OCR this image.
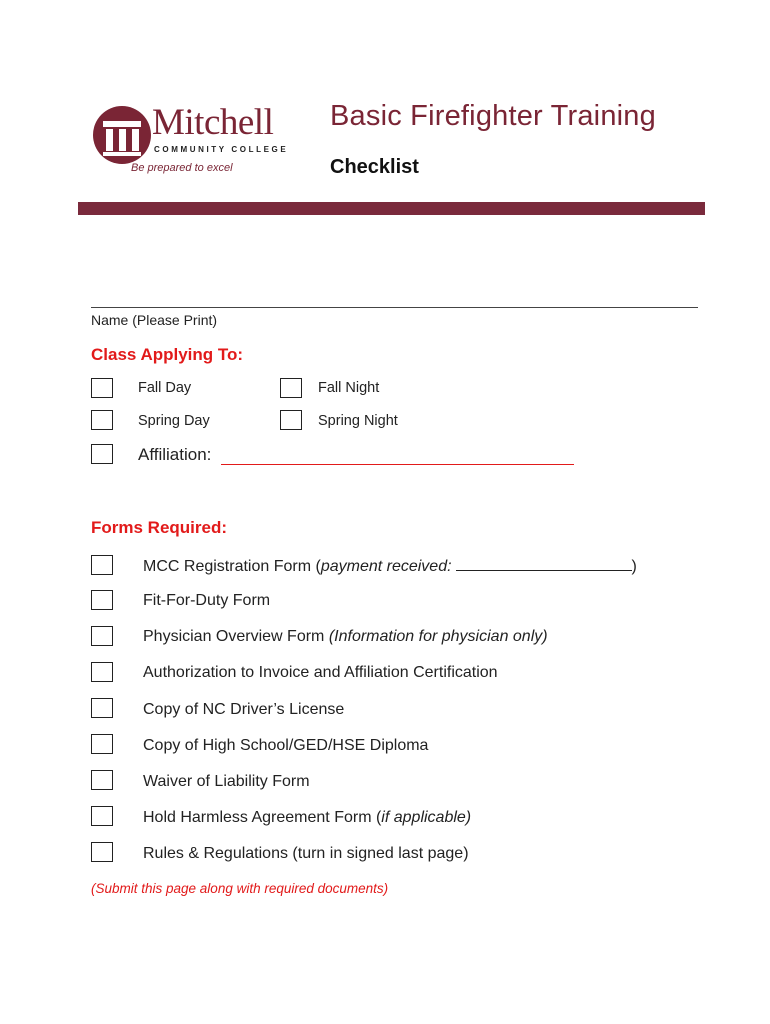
Mitchell
COMMUNITY COLLEGE
Be prepared to excel
Basic Firefighter Training
Checklist
Name (Please Print)
Class Applying To:
Fall Day	Fall Night
Spring Day	Spring Night
Affiliation:
Forms Required:
MCC Registration Form (payment received:	)
Fit-For-Duty Form
Physician Overview Form (Information for physician only)
Authorization to Invoice and Affiliation Certification
Copy of NC Driver’s License
Copy of High School/GED/HSE Diploma
Waiver of Liability Form
Hold Harmless Agreement Form (if applicable)
Rules & Regulations (turn in signed last page)
(Submit this page along with required documents)
